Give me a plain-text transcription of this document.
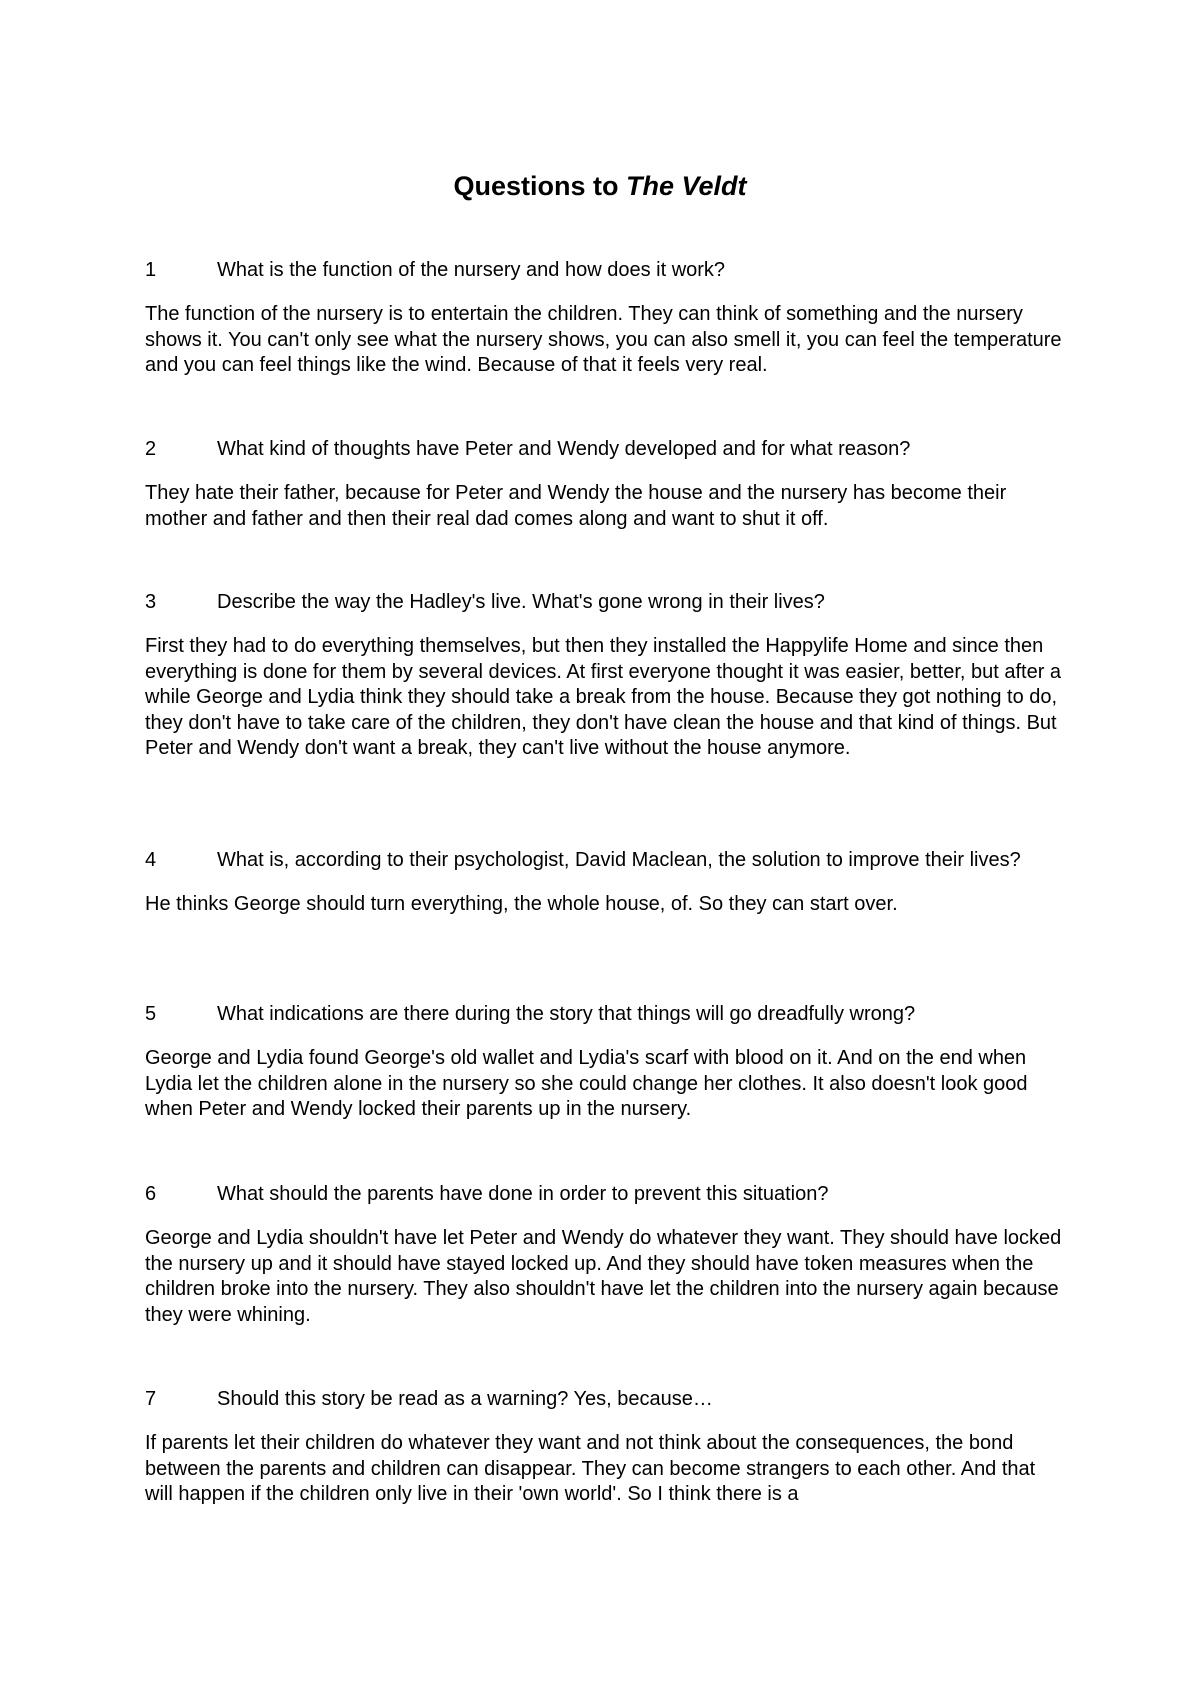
Questions to The Veldt
1	What is the function of the nursery and how does it work?
The function of the nursery is to entertain the children. They can think of something and the nursery shows it. You can't only see what the nursery shows, you can also smell it, you can feel the temperature and you can feel things like the wind. Because of that it feels very real.
2	What kind of thoughts have Peter and Wendy developed and for what reason?
They hate their father, because for Peter and Wendy the house and the nursery has become their mother and father and then their real dad comes along and want to shut it off.
3	Describe the way the Hadley's live. What's gone wrong in their lives?
First they had to do everything themselves, but then they installed the Happylife Home and since then everything is done for them by several devices. At first everyone thought it was easier, better, but after a while George and Lydia think they should take a break from the house. Because they got nothing to do, they don't have to take care of the children, they don't have clean the house and that kind of things. But Peter and Wendy don't want a break, they can't live without the house anymore.
4	What is, according to their psychologist, David Maclean, the solution to improve their lives?
He thinks George should turn everything, the whole house, of. So they can start over.
5	What indications are there during the story that things will go dreadfully wrong?
George and Lydia found George's old wallet and Lydia's scarf with blood on it. And on the end when Lydia let the children alone in the nursery so she could change her clothes. It also doesn't look good when Peter and Wendy locked their parents up in the nursery.
6	What should the parents have done in order to prevent this situation?
George and Lydia shouldn't have let Peter and Wendy do whatever they want. They should have locked the nursery up and it should have stayed locked up. And they should have token measures when the children broke into the nursery. They also shouldn't have let the children into the nursery again because they were whining.
7	Should this story be read as a warning? Yes, because…
If parents let their children do whatever they want and not think about the consequences, the bond between the parents and children can disappear. They can become strangers to each other. And that will happen if the children only live in their 'own world'. So I think there is a
